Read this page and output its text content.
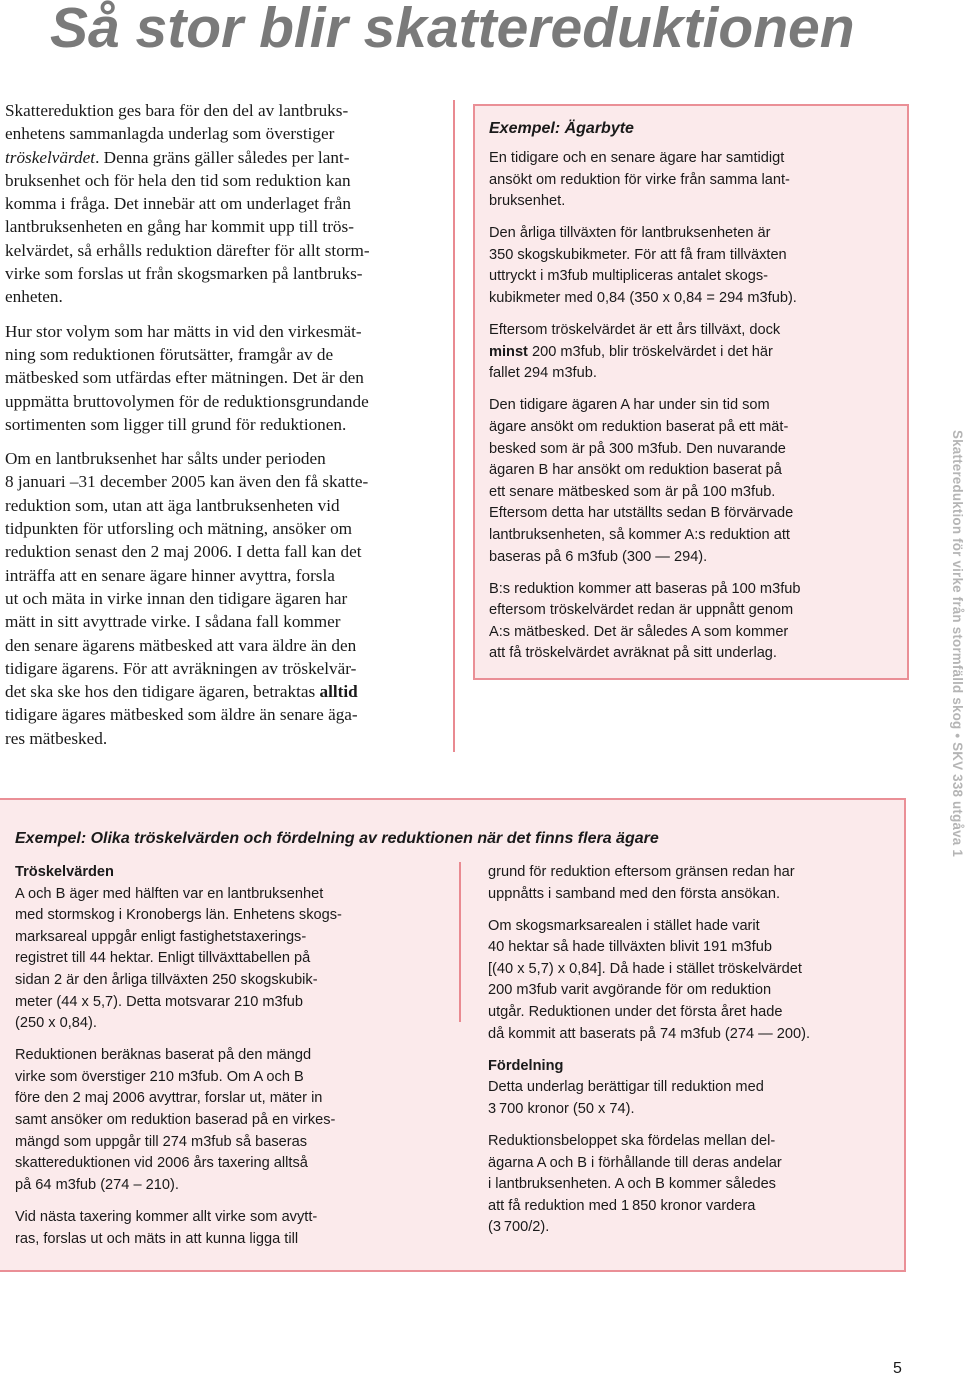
Så stor blir skattereduktionen

Skattereduktion ges bara för den del av lantbruks-
enhetens sammanlagda underlag som överstiger
tröskelvärdet. Denna gräns gäller således per lant-
bruksenhet och för hela den tid som reduktion kan
komma i fråga. Det innebär att om underlaget från
lantbruksenheten en gång har kommit upp till trös-
kelvärdet, så erhålls reduktion därefter för allt storm-
virke som forslas ut från skogsmarken på lantbruks-
enheten.

Hur stor volym som har mätts in vid den virkesmät-
ning som reduktionen förutsätter, framgår av de
mätbesked som utfärdas efter mätningen. Det är den
uppmätta bruttovolymen för de reduktionsgrundande
sortimenten som ligger till grund för reduktionen.

Om en lantbruksenhet har sålts under perioden
8 januari –31 december 2005 kan även den få skatte-
reduktion som, utan att äga lantbruksenheten vid
tidpunkten för utforsling och mätning, ansöker om
reduktion senast den 2 maj 2006. I detta fall kan det
inträffa att en senare ägare hinner avyttra, forsla
ut och mäta in virke innan den tidigare ägaren har
mätt in sitt avyttrade virke. I sådana fall kommer
den senare ägarens mätbesked att vara äldre än den
tidigare ägarens. För att avräkningen av tröskelvär-
det ska ske hos den tidigare ägaren, betraktas alltid
tidigare ägares mätbesked som äldre än senare äga-
res mätbesked.

Exempel: Ägarbyte

En tidigare och en senare ägare har samtidigt
ansökt om reduktion för virke från samma lant-
bruksenhet.

Den årliga tillväxten för lantbruksenheten är
350 skogskubikmeter. För att få fram tillväxten
uttryckt i m3fub multipliceras antalet skogs-
kubikmeter med 0,84 (350 x 0,84 = 294 m3fub).

Eftersom tröskelvärdet är ett års tillväxt, dock
minst 200 m3fub, blir tröskelvärdet i det här
fallet 294 m3fub.

Den tidigare ägaren A har under sin tid som
ägare ansökt om reduktion baserat på ett mät-
besked som är på 300 m3fub. Den nuvarande
ägaren B har ansökt om reduktion baserat på
ett senare mätbesked som är på 100 m3fub.
Eftersom detta har utställts sedan B förvärvade
lantbruksenheten, så kommer A:s reduktion att
baseras på 6 m3fub (300 — 294).

B:s reduktion kommer att baseras på 100 m3fub
eftersom tröskelvärdet redan är uppnått genom
A:s mätbesked. Det är således A som kommer
att få tröskelvärdet avräknat på sitt underlag.

Exempel: Olika tröskelvärden och fördelning av reduktionen när det finns flera ägare
Tröskelvärden

A och B äger med hälften var en lantbruksenhet
med stormskog i Kronobergs län. Enhetens skogs-
marksareal uppgår enligt fastighetstaxerings-
registret till 44 hektar. Enligt tillväxttabellen på
sidan 2 är den årliga tillväxten 250 skogskubik-
meter (44 x 5,7). Detta motsvarar 210 m3fub
(250 x 0,84).

Reduktionen beräknas baserat på den mängd
virke som överstiger 210 m3fub. Om A och B
före den 2 maj 2006 avyttrar, forslar ut, mäter in
samt ansöker om reduktion baserad på en virkes-
mängd som uppgår till 274 m3fub så baseras
skattereduktionen vid 2006 års taxering alltså
på 64 m3fub (274 – 210).

Vid nästa taxering kommer allt virke som avytt-
ras, forslas ut och mäts in att kunna ligga till

grund för reduktion eftersom gränsen redan har
uppnåtts i samband med den första ansökan.

Om skogsmarksarealen i stället hade varit
40 hektar så hade tillväxten blivit 191 m3fub
[(40 x 5,7) x 0,84]. Då hade i stället tröskelvärdet
200 m3fub varit avgörande för om reduktion
utgår. Reduktionen under det första året hade
då kommit att baserats på 74 m3fub (274 — 200).

Fördelning

Detta underlag berättigar till reduktion med
3 700 kronor (50 x 74).

Reduktionsbeloppet ska fördelas mellan del-
ägarna A och B i förhållande till deras andelar
i lantbruksenheten. A och B kommer således
att få reduktion med 1 850 kronor vardera
(3 700/2).

Skattereduktion för virke från stormfälld skog • SKV 338 utgåva 1
5
